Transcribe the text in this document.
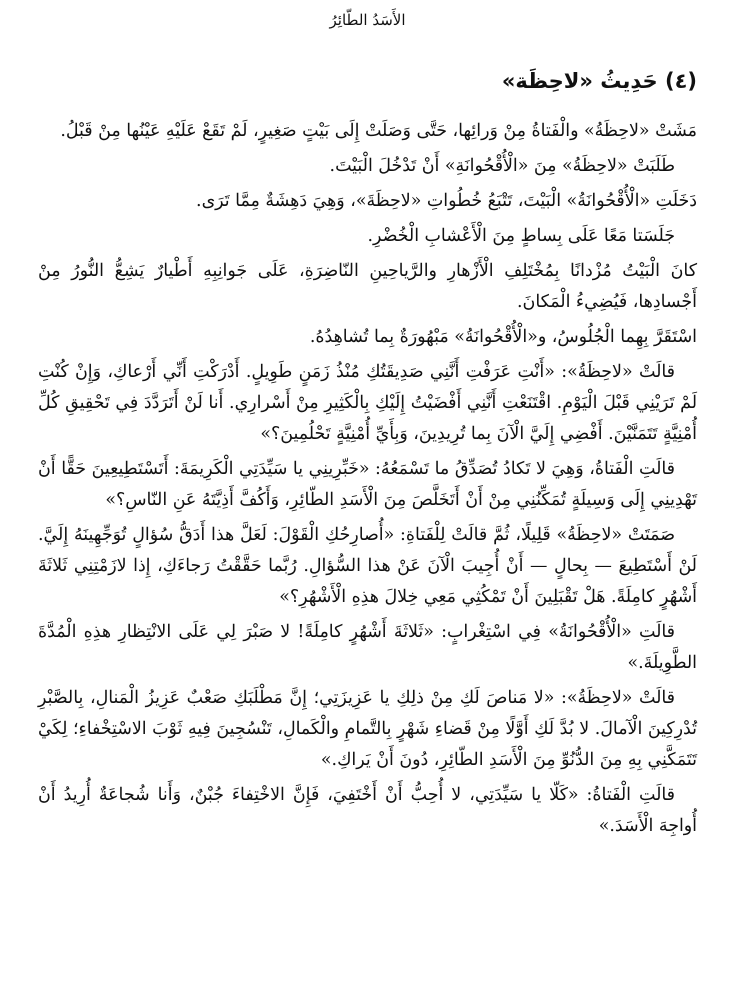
الأَسَدُ الطّائِرُ
(٤) حَدِيثُ «لاحِظَة»

مَشَتْ «لاحِظَةُ» والْفَتاةُ مِنْ وَرائِها، حَتَّى وَصَلَتْ إِلَى بَيْتٍ صَغِيرٍ، لَمْ تَقَعْ عَلَيْهِ عَيْنُها مِنْ قَبْلُ.

طَلَبَتْ «لاحِظَةُ» مِنَ «الْأُقْحُوانَةِ» أَنْ تَدْخُلَ الْبَيْتَ.

دَخَلَتِ «الْأُقْحُوانَةُ» الْبَيْتَ، تَتْبَعُ خُطُواتِ «لاحِظَةَ»، وَهِيَ دَهِشَةٌ مِمَّا تَرَى.

جَلَسَتا مَعًا عَلَى بِساطٍ مِنَ الْأَعْشابِ الْخُضْرِ.

كانَ الْبَيْتُ مُزْدانًا بِمُخْتَلِفِ الْأَزْهارِ والرَّياحِينِ النّاضِرَةِ، عَلَى جَوانِبِهِ أَطْيارٌ يَشِعُّ النُّورُ مِنْ أَجْسادِها، فَيُضِيءُ الْمَكانَ.

اسْتَقَرَّ بِهِما الْجُلُوسُ، و«الْأُقْحُوانَةُ» مَبْهُورَةٌ بِما تُشاهِدُهُ.

قالَتْ «لاحِظَةُ»: «أَنْتِ عَرَفْتِ أَنَّنِي صَدِيقَتُكِ مُنْذُ زَمَنٍ طَوِيلٍ. أَدْرَكْتِ أَنِّي أَرْعاكِ، وَإِنْ كُنْتِ لَمْ تَرَيْنِي قَبْلَ الْيَوْمِ. اقْتَنَعْتِ أَنَّنِي أَفْضَيْتُ إِلَيْكِ بِالْكَثِيرِ مِنْ أَسْرارِي. أَنا لَنْ أَتَرَدَّدَ فِي تَحْقِيقِ كُلِّ أُمْنِيَّةٍ تَتَمَنَّيْنَ. أَفْضِي إِلَيَّ الْآنَ بِما تُرِيدِينَ، وَبِأَيِّ أُمْنِيَّةٍ تَحْلُمِينَ؟»

قالَتِ الْفَتاةُ، وَهِيَ لا تَكادُ تُصَدِّقُ ما تَسْمَعُهُ: «خَبِّرِينِي يا سَيِّدَتِي الْكَرِيمَةَ: أَتَسْتَطِيعِينَ حَقًّا أَنْ تَهْدِينِي إِلَى وَسِيلَةٍ تُمَكِّنُنِي مِنْ أَنْ أَتَخَلَّصَ مِنَ الْأَسَدِ الطّائِرِ، وَأَكُفَّ أَذِيَّتَهُ عَنِ النّاسِ؟»

صَمَتَتْ «لاحِظَةُ» قَلِيلًا، ثُمَّ قالَتْ لِلْفَتاةِ: «أُصارِحُكِ الْقَوْلَ: لَعَلَّ هذا أَدَقُّ سُؤالٍ تُوَجِّهِينَهُ إِلَيَّ. لَنْ أَسْتَطِيعَ — بِحالٍ — أَنْ أُجِيبَ الْآنَ عَنْ هذا السُّؤالِ. رُبَّما حَقَّقْتُ رَجاءَكِ، إِذا لازَمْتِنِي ثَلاثَةَ أَشْهُرٍ كامِلَةً. هَلْ تَقْبَلِينَ أَنْ تَمْكُثِي مَعِي خِلالَ هذِهِ الْأَشْهُرِ؟»

قالَتِ «الْأُقْحُوانَةُ» فِي اسْتِغْرابٍ: «ثَلاثَةَ أَشْهُرٍ كامِلَةً! لا صَبْرَ لِي عَلَى الانْتِظارِ هذِهِ الْمُدَّةَ الطَّوِيلَةَ.»

قالَتْ «لاحِظَةُ»: «لا مَناصَ لَكِ مِنْ ذلِكِ يا عَزِيزَتِي؛ إِنَّ مَطْلَبَكِ صَعْبٌ عَزِيزُ الْمَنالِ، بِالصَّبْرِ تُدْرِكِينَ الْآمالَ. لا بُدَّ لَكِ أَوَّلًا مِنْ قَضاءِ شَهْرٍ بِالتَّمامِ والْكَمالِ، تَنْسُجِينَ فِيهِ ثَوْبَ الاسْتِخْفاءِ؛ لِكَيْ تَتَمَكَّنِي بِهِ مِنَ الدُّنُوِّ مِنَ الْأَسَدِ الطّائِرِ، دُونَ أَنْ يَراكِ.»

قالَتِ الْفَتاةُ: «كَلّا يا سَيِّدَتِي، لا أُحِبُّ أَنْ أَخْتَفِيَ، فَإِنَّ الاخْتِفاءَ جُبْنٌ، وَأَنا شُجاعَةٌ أُرِيدُ أَنْ أُواجِهَ الْأَسَدَ.»
